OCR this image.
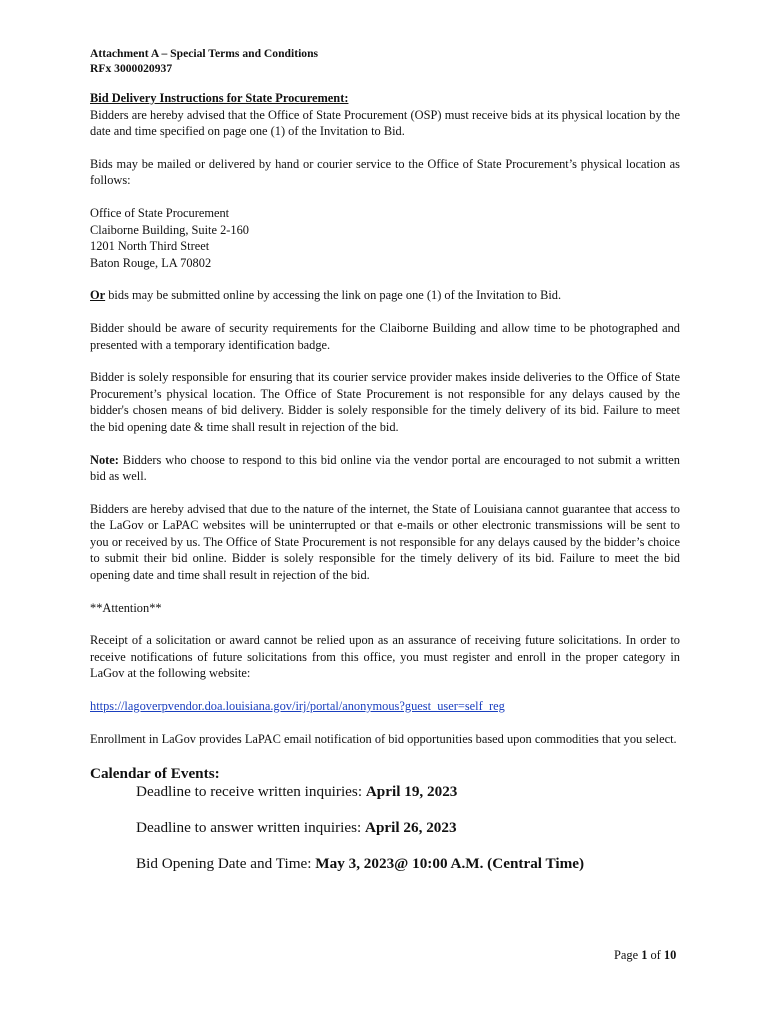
Attachment A – Special Terms and Conditions
RFx 3000020937
Bid Delivery Instructions for State Procurement:

Bidders are hereby advised that the Office of State Procurement (OSP) must receive bids at its physical location by the date and time specified on page one (1) of the Invitation to Bid.

Bids may be mailed or delivered by hand or courier service to the Office of State Procurement’s physical location as follows:

Office of State Procurement
Claiborne Building, Suite 2-160
1201 North Third Street
Baton Rouge, LA 70802

Or bids may be submitted online by accessing the link on page one (1) of the Invitation to Bid.

Bidder should be aware of security requirements for the Claiborne Building and allow time to be photographed and presented with a temporary identification badge.

Bidder is solely responsible for ensuring that its courier service provider makes inside deliveries to the Office of State Procurement’s physical location. The Office of State Procurement is not responsible for any delays caused by the bidder's chosen means of bid delivery. Bidder is solely responsible for the timely delivery of its bid. Failure to meet the bid opening date & time shall result in rejection of the bid.

Note: Bidders who choose to respond to this bid online via the vendor portal are encouraged to not submit a written bid as well.

Bidders are hereby advised that due to the nature of the internet, the State of Louisiana cannot guarantee that access to the LaGov or LaPAC websites will be uninterrupted or that e-mails or other electronic transmissions will be sent to you or received by us. The Office of State Procurement is not responsible for any delays caused by the bidder’s choice to submit their bid online. Bidder is solely responsible for the timely delivery of its bid. Failure to meet the bid opening date and time shall result in rejection of the bid.

**Attention**

Receipt of a solicitation or award cannot be relied upon as an assurance of receiving future solicitations. In order to receive notifications of future solicitations from this office, you must register and enroll in the proper category in LaGov at the following website:

https://lagoverpvendor.doa.louisiana.gov/irj/portal/anonymous?guest_user=self_reg

Enrollment in LaGov provides LaPAC email notification of bid opportunities based upon commodities that you select.

Calendar of Events:
Deadline to receive written inquiries: April 19, 2023
Deadline to answer written inquiries: April 26, 2023
Bid Opening Date and Time: May 3, 2023@ 10:00 A.M. (Central Time)
Page 1 of 10
